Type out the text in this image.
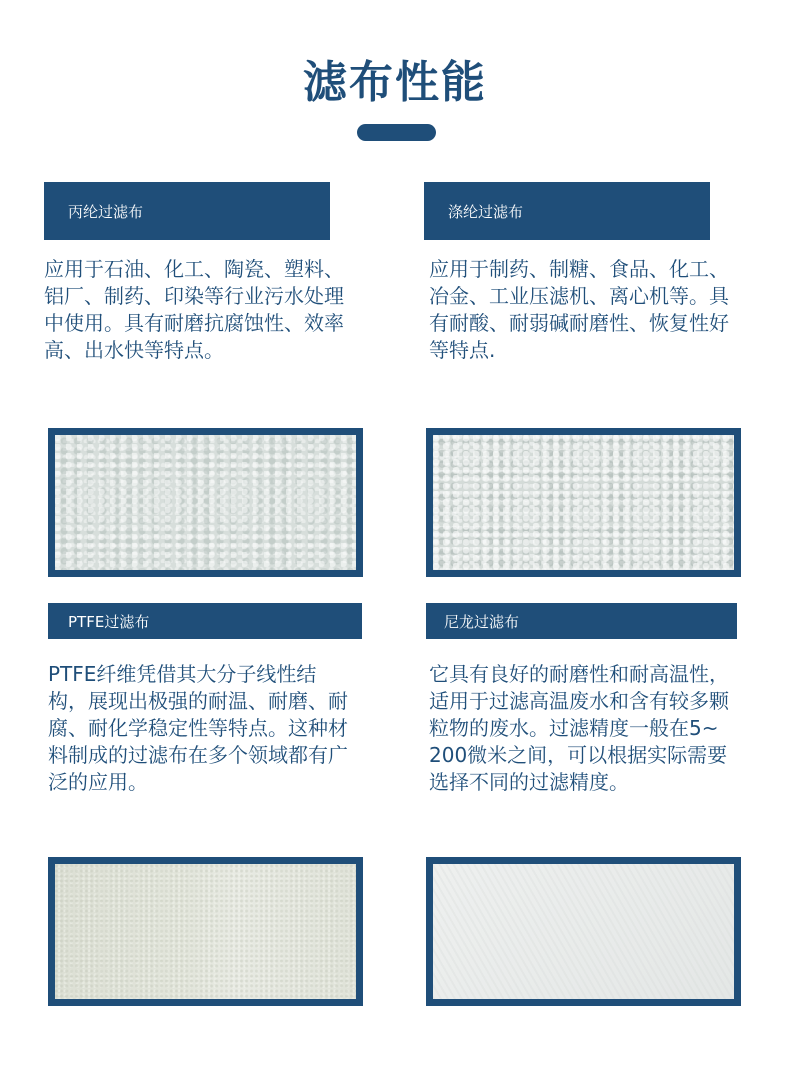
滤布性能
丙纶过滤布
应用于石油、化工、陶瓷、塑料、铝厂、制药、印染等行业污水处理中使用。具有耐磨抗腐蚀性、效率高、出水快等特点。
涤纶过滤布
应用于制药、制糖、食品、化工、冶金、工业压滤机、离心机等。具有耐酸、耐弱碱耐磨性、恢复性好等特点.
PTFE过滤布
PTFE纤维凭借其大分子线性结构，展现出极强的耐温、耐磨、耐腐、耐化学稳定性等特点。这种材料制成的过滤布在多个领域都有广泛的应用。
尼龙过滤布
它具有良好的耐磨性和耐高温性，适用于过滤高温废水和含有较多颗粒物的废水。过滤精度一般在5~200微米之间，可以根据实际需要选择不同的过滤精度。
